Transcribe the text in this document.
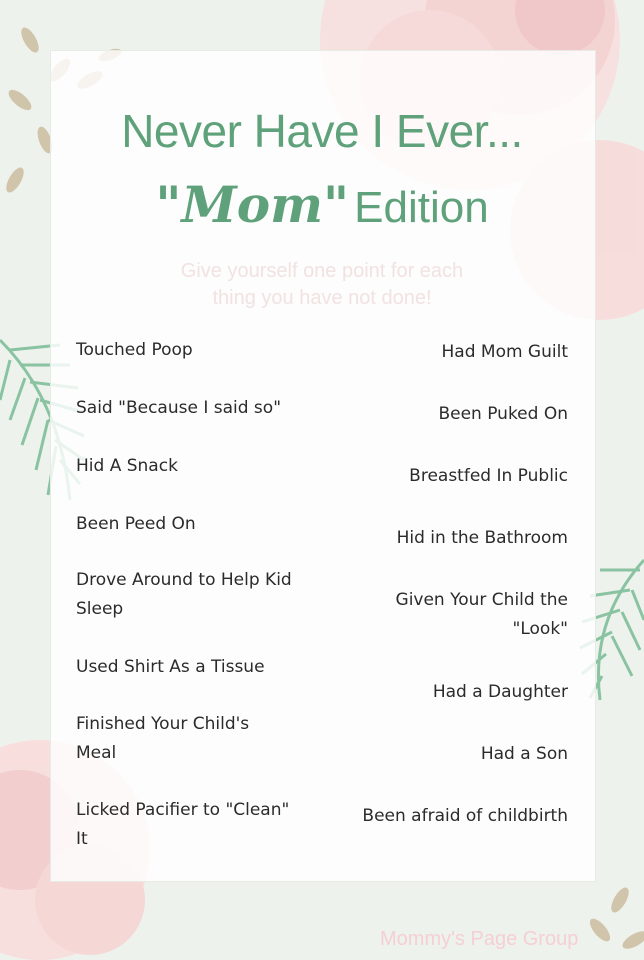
Never Have I Ever...
"Mom" Edition
Give yourself one point for each
thing you have not done!
Touched Poop
Said "Because I said so"
Hid A Snack
Been Peed On
Drove Around to Help Kid
Sleep
Used Shirt As a Tissue
Finished Your Child's
Meal
Licked Pacifier to "Clean"
It
Had Mom Guilt
Been Puked On
Breastfed In Public
Hid in the Bathroom
Given Your Child the
"Look"
Had a Daughter
Had a Son
Been afraid of childbirth
Mommy's Page Group
